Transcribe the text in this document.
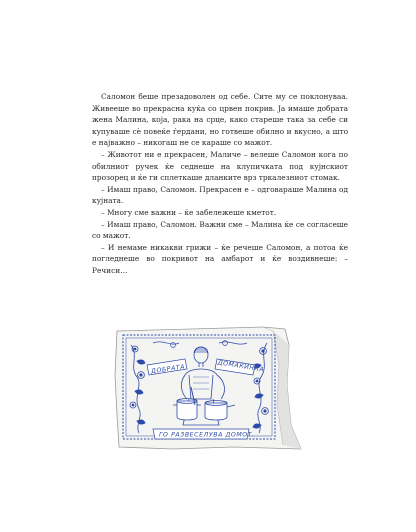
Саломон беше презадоволен од себе. Сите му се поклонуваа. Живееше во прекрасна куќа со црвен покрив. Ја имаше добрата жена Малина, која, рака на срце, како стареше така за себе си купуваше сè повеќе ѓердани, но готвеше обилно и вкусно, а што е најважно – никогаш не се караше со мажот.

– Животот ни е прекрасен, Маличе – велеше Саломон кога по обилниот ручек ќе седнеше на клупичката под кујнскиот прозорец и ќе ги сплеткаше дланките врз тркалезниот стомак.

– Имаш право, Саломон. Прекрасен е – одговараше Малина од кујната.

– Многу сме важни – ќе забележеше кметот.

– Имаш право, Саломон. Важни сме – Малина ќе се согласеше со мажот.

– И немаме никакви грижи – ќе речеше Саломон, а потоа ќе погледнеше во покривот на амбарот и ќе воздивнеше: – Речиси…

ДОБРАТА	ДОМАЌИНКА
ГО РАЗВЕСЕЛУВА ДОМОТ.
